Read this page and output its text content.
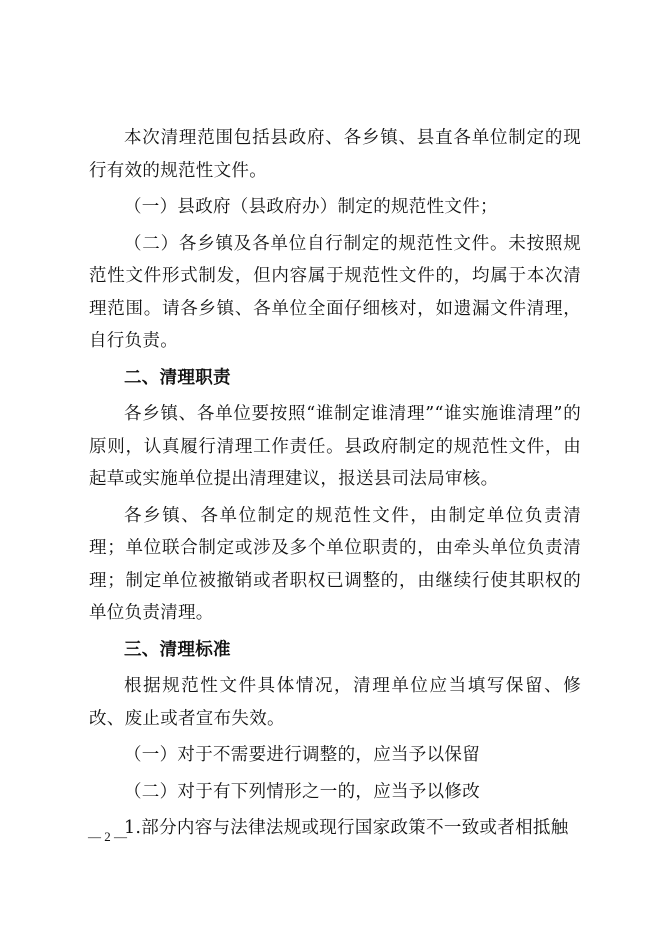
本次清理范围包括县政府、各乡镇、县直各单位制定的现行有效的规范性文件。

（一）县政府（县政府办）制定的规范性文件；

（二）各乡镇及各单位自行制定的规范性文件。未按照规范性文件形式制发，但内容属于规范性文件的，均属于本次清理范围。请各乡镇、各单位全面仔细核对，如遗漏文件清理，自行负责。

二、清理职责

各乡镇、各单位要按照“谁制定谁清理”“谁实施谁清理”的原则，认真履行清理工作责任。县政府制定的规范性文件，由起草或实施单位提出清理建议，报送县司法局审核。

各乡镇、各单位制定的规范性文件，由制定单位负责清理；单位联合制定或涉及多个单位职责的，由牵头单位负责清理；制定单位被撤销或者职权已调整的，由继续行使其职权的单位负责清理。

三、清理标准

根据规范性文件具体情况，清理单位应当填写保留、修改、废止或者宣布失效。

（一）对于不需要进行调整的，应当予以保留

（二）对于有下列情形之一的，应当予以修改

1.部分内容与法律法规或现行国家政策不一致或者相抵触

— 2 —
